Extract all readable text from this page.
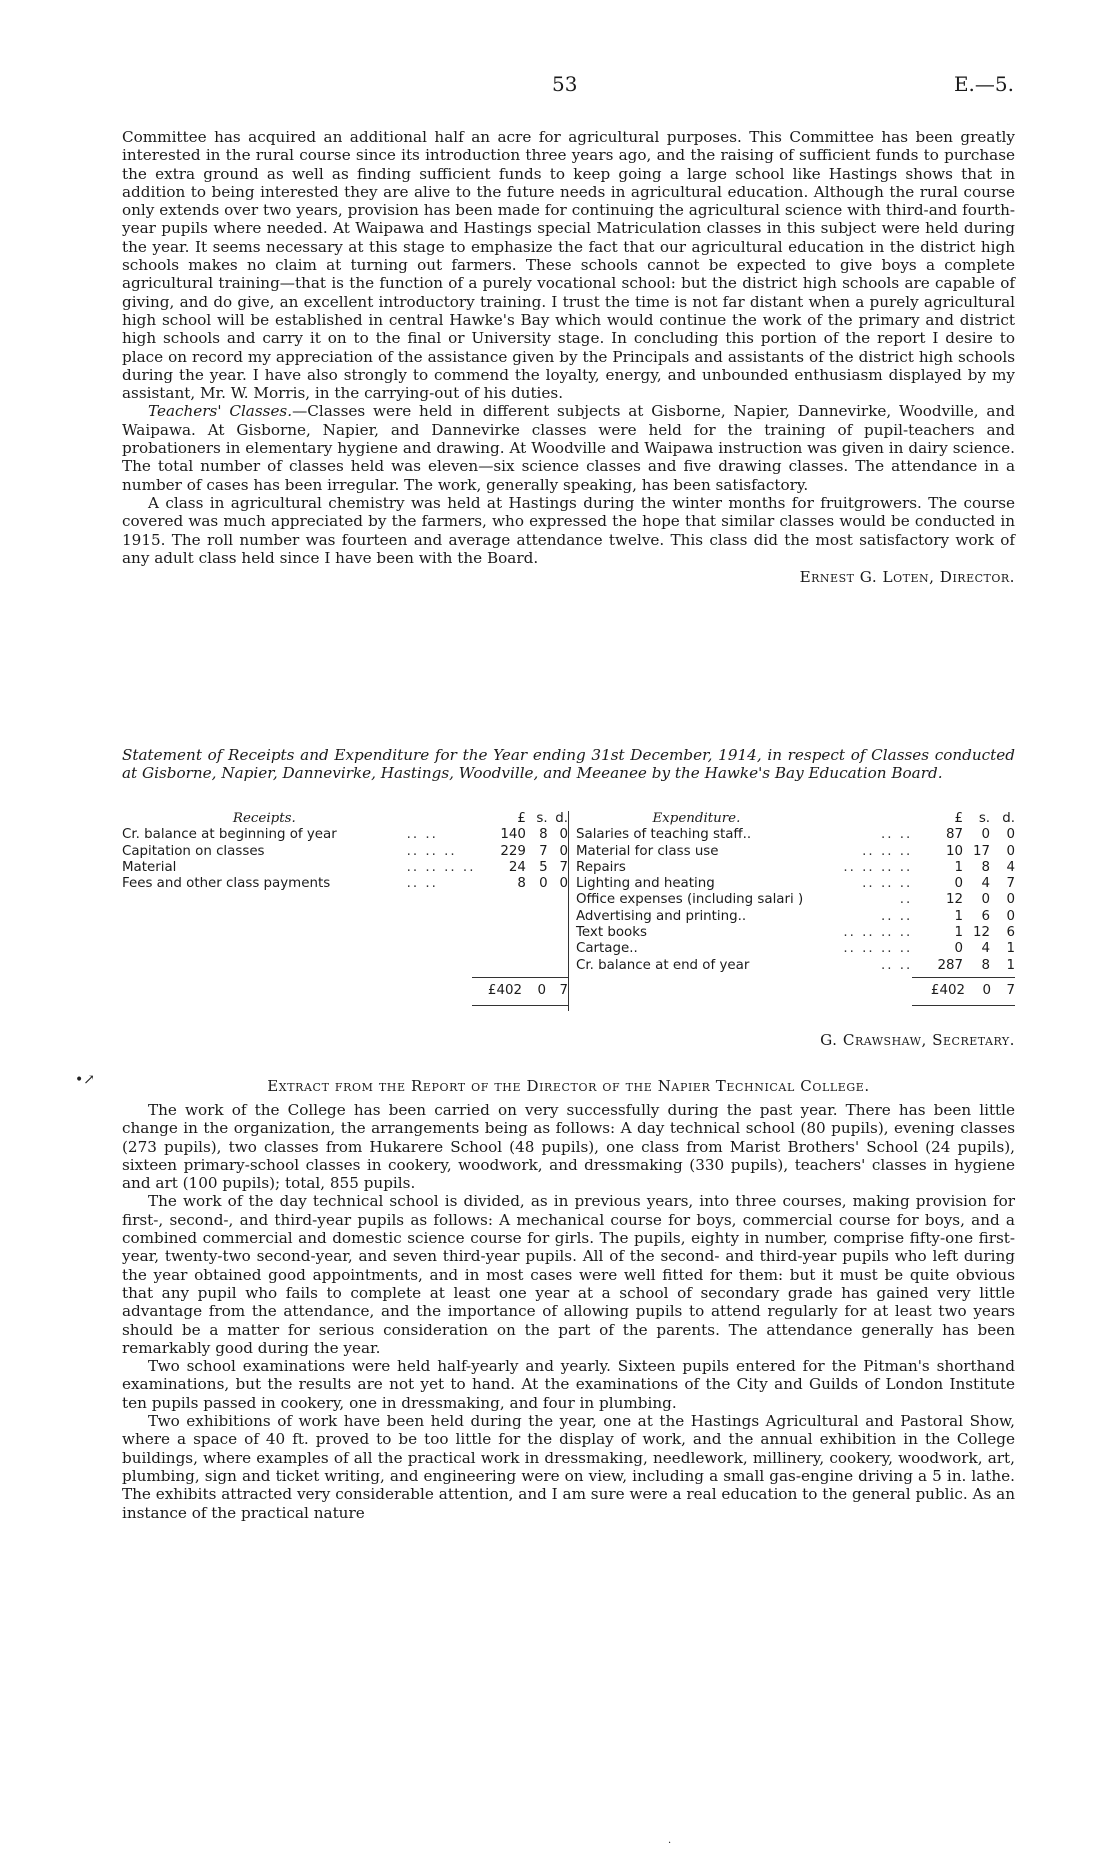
53	E.—5.

Committee has acquired an additional half an acre for agricultural purposes. This Committee has been greatly interested in the rural course since its introduction three years ago, and the raising of sufficient funds to purchase the extra ground as well as finding sufficient funds to keep going a large school like Hastings shows that in addition to being interested they are alive to the future needs in agricultural education. Although the rural course only extends over two years, provision has been made for continuing the agricultural science with third-and fourth-year pupils where needed. At Waipawa and Hastings special Matriculation classes in this subject were held during the year. It seems necessary at this stage to emphasize the fact that our agricultural education in the district high schools makes no claim at turning out farmers. These schools cannot be expected to give boys a complete agricultural training—that is the function of a purely vocational school: but the district high schools are capable of giving, and do give, an excellent introductory training. I trust the time is not far distant when a purely agricultural high school will be established in central Hawke's Bay which would continue the work of the primary and district high schools and carry it on to the final or University stage. In concluding this portion of the report I desire to place on record my appreciation of the assistance given by the Principals and assistants of the district high schools during the year. I have also strongly to commend the loyalty, energy, and unbounded enthusiasm displayed by my assistant, Mr. W. Morris, in the carrying-out of his duties.

Teachers' Classes.—Classes were held in different subjects at Gisborne, Napier, Dannevirke, Woodville, and Waipawa. At Gisborne, Napier, and Dannevirke classes were held for the training of pupil-teachers and probationers in elementary hygiene and drawing. At Woodville and Waipawa instruction was given in dairy science. The total number of classes held was eleven—six science classes and five drawing classes. The attendance in a number of cases has been irregular. The work, generally speaking, has been satisfactory.

A class in agricultural chemistry was held at Hastings during the winter months for fruitgrowers. The course covered was much appreciated by the farmers, who expressed the hope that similar classes would be conducted in 1915. The roll number was fourteen and average attendance twelve. This class did the most satisfactory work of any adult class held since I have been with the Board.

Ernest G. Loten, Director.
Statement of Receipts and Expenditure for the Year ending 31st December, 1914, in respect of Classes conducted at Gisborne, Napier, Dannevirke, Hastings, Woodville, and Meeanee by the Hawke's Bay Education Board.
Receipts.		£	s.	d.
Cr. balance at beginning of year	.. ..	140	8	0
Capitation on classes	.. .. ..	229	7	0
Material	.. .. .. ..	24	5	7
Fees and other class payments	.. ..	8	0	0
£402	0	7
Expenditure.		£	s.	d.
Salaries of teaching staff..	.. ..	87	0	0
Material for class use	.. .. ..	10	17	0
Repairs	.. .. .. ..	1	8	4
Lighting and heating	.. .. ..	0	4	7
Office expenses (including salari )	..	12	0	0
Advertising and printing..	.. ..	1	6	0
Text books	.. .. .. ..	1	12	6
Cartage..	.. .. .. ..	0	4	1
Cr. balance at end of year	.. ..	287	8	1
£402	0	7
G. Crawshaw, Secretary.
•↗	Extract from the Report of the Director of the Napier Technical College.

The work of the College has been carried on very successfully during the past year. There has been little change in the organization, the arrangements being as follows: A day technical school (80 pupils), evening classes (273 pupils), two classes from Hukarere School (48 pupils), one class from Marist Brothers' School (24 pupils), sixteen primary-school classes in cookery, woodwork, and dressmaking (330 pupils), teachers' classes in hygiene and art (100 pupils); total, 855 pupils.

The work of the day technical school is divided, as in previous years, into three courses, making provision for first-, second-, and third-year pupils as follows: A mechanical course for boys, commercial course for boys, and a combined commercial and domestic science course for girls. The pupils, eighty in number, comprise fifty-one first-year, twenty-two second-year, and seven third-year pupils. All of the second- and third-year pupils who left during the year obtained good appointments, and in most cases were well fitted for them: but it must be quite obvious that any pupil who fails to complete at least one year at a school of secondary grade has gained very little advantage from the attendance, and the importance of allowing pupils to attend regularly for at least two years should be a matter for serious consideration on the part of the parents. The attendance generally has been remarkably good during the year.

Two school examinations were held half-yearly and yearly. Sixteen pupils entered for the Pitman's shorthand examinations, but the results are not yet to hand. At the examinations of the City and Guilds of London Institute ten pupils passed in cookery, one in dressmaking, and four in plumbing.

Two exhibitions of work have been held during the year, one at the Hastings Agricultural and Pastoral Show, where a space of 40 ft. proved to be too little for the display of work, and the annual exhibition in the College buildings, where examples of all the practical work in dressmaking, needlework, millinery, cookery, woodwork, art, plumbing, sign and ticket writing, and engineering were on view, including a small gas-engine driving a 5 in. lathe. The exhibits attracted very considerable attention, and I am sure were a real education to the general public. As an instance of the practical nature

·
